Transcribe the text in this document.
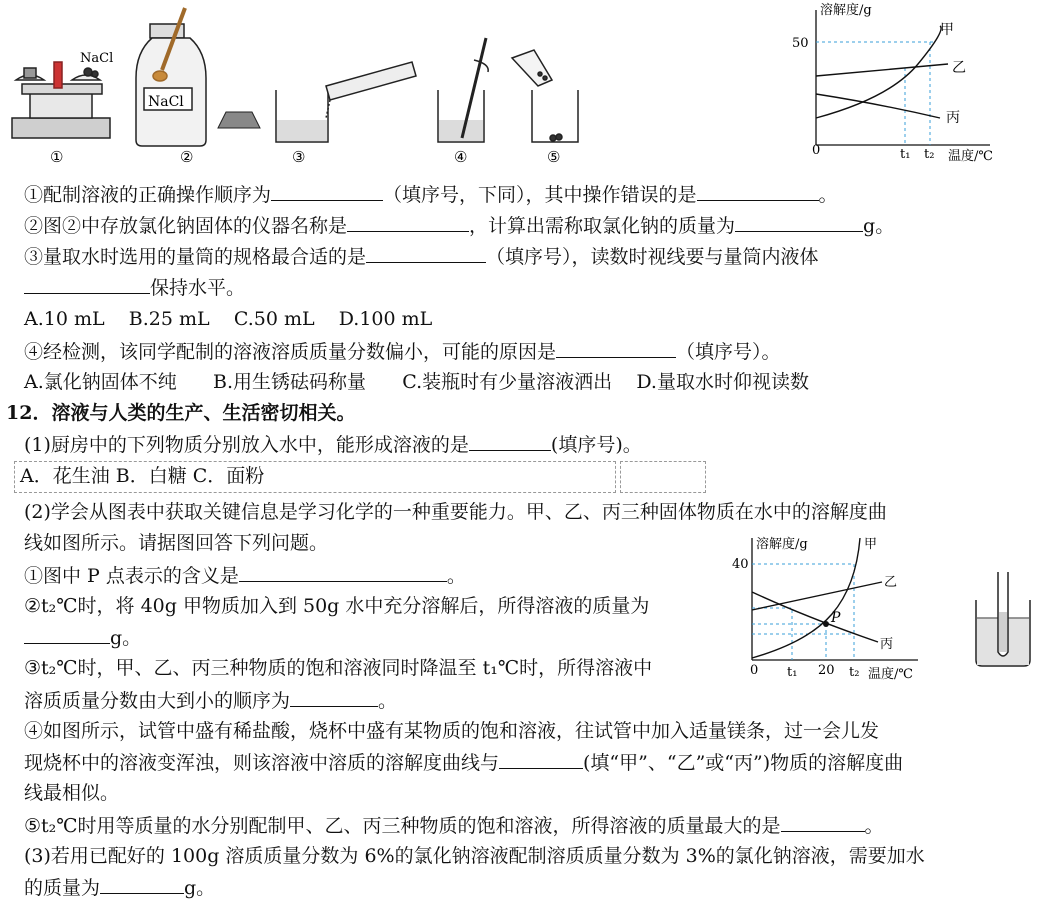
NaCl
NaCl
①	②	③	④	⑤
溶解度/g
50
0	t₁ t₂ 温度/℃
甲
乙
丙
①配制溶液的正确操作顺序为	（填序号，下同），其中操作错误的是	。
②图②中存放氯化钠固体的仪器名称是	，计算出需称取氯化钠的质量为	g。
③量取水时选用的量筒的规格最合适的是	（填序号），读数时视线要与量筒内液体
保持水平。
A.10 mL B.25 mL C.50 mL D.100 mL
④经检测，该同学配制的溶液溶质质量分数偏小，可能的原因是	（填序号）。
A.氯化钠固体不纯 B.用生锈砝码称量 C.装瓶时有少量溶液洒出 D.量取水时仰视读数
12．溶液与人类的生产、生活密切相关。
(1)厨房中的下列物质分别放入水中，能形成溶液的是	(填序号)。
A．花生油 B．白糖 C．面粉
(2)学会从图表中获取关键信息是学习化学的一种重要能力。甲、乙、丙三种固体物质在水中的溶解度曲
线如图所示。请据图回答下列问题。
①图中 P 点表示的含义是	。
②t₂℃时，将 40g 甲物质加入到 50g 水中充分溶解后，所得溶液的质量为
g。
③t₂℃时，甲、乙、丙三种物质的饱和溶液同时降温至 t₁℃时，所得溶液中
溶质质量分数由大到小的顺序为	。
④如图所示，试管中盛有稀盐酸，烧杯中盛有某物质的饱和溶液，往试管中加入适量镁条，过一会儿发
现烧杯中的溶液变浑浊，则该溶液中溶质的溶解度曲线与	(填“甲”、“乙”或“丙”)物质的溶解度曲
线最相似。
⑤t₂℃时用等质量的水分别配制甲、乙、丙三种物质的饱和溶液，所得溶液的质量最大的是	。
(3)若用已配好的 100g 溶质质量分数为 6%的氯化钠溶液配制溶质质量分数为 3%的氯化钠溶液，需要加水
的质量为	g。
P
溶解度/g
40
0 t₁ 20 t₂ 温度/℃
甲
乙
丙
